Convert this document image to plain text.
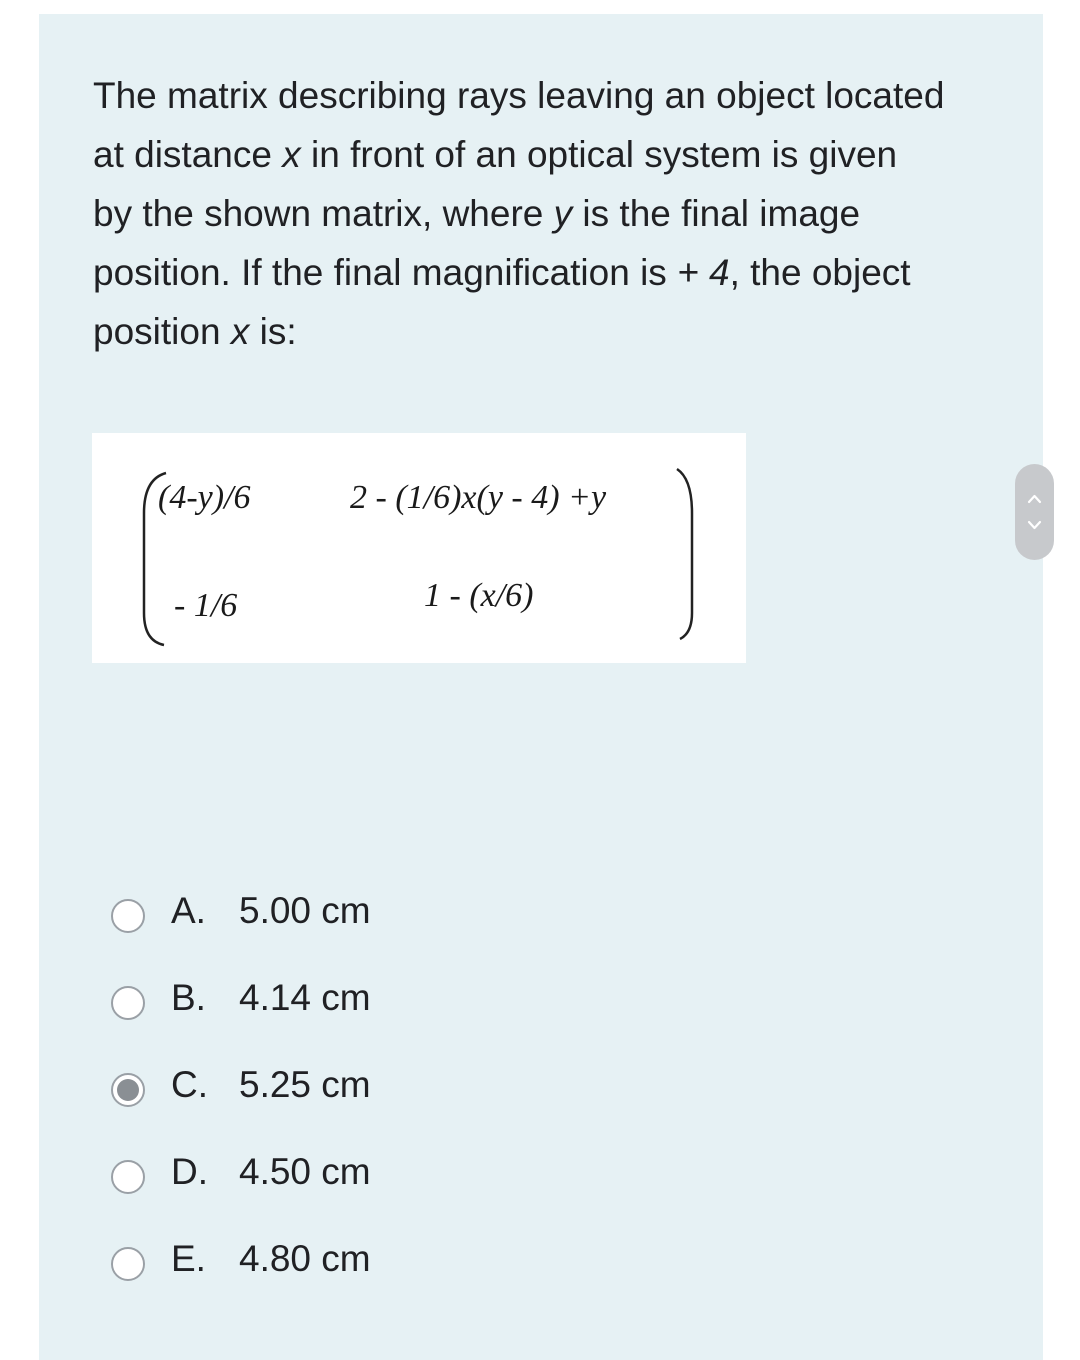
The matrix describing rays leaving an object located
at distance x in front of an optical system is given
by the shown matrix, where y is the final image
position. If the final magnification is + 4, the object
position x is:
(4-y)/6	2 - (1/6)x(y - 4) +y
- 1/6	1 - (x/6)
A. 5.00 cm
B. 4.14 cm
C. 5.25 cm
D. 4.50 cm
E. 4.80 cm
